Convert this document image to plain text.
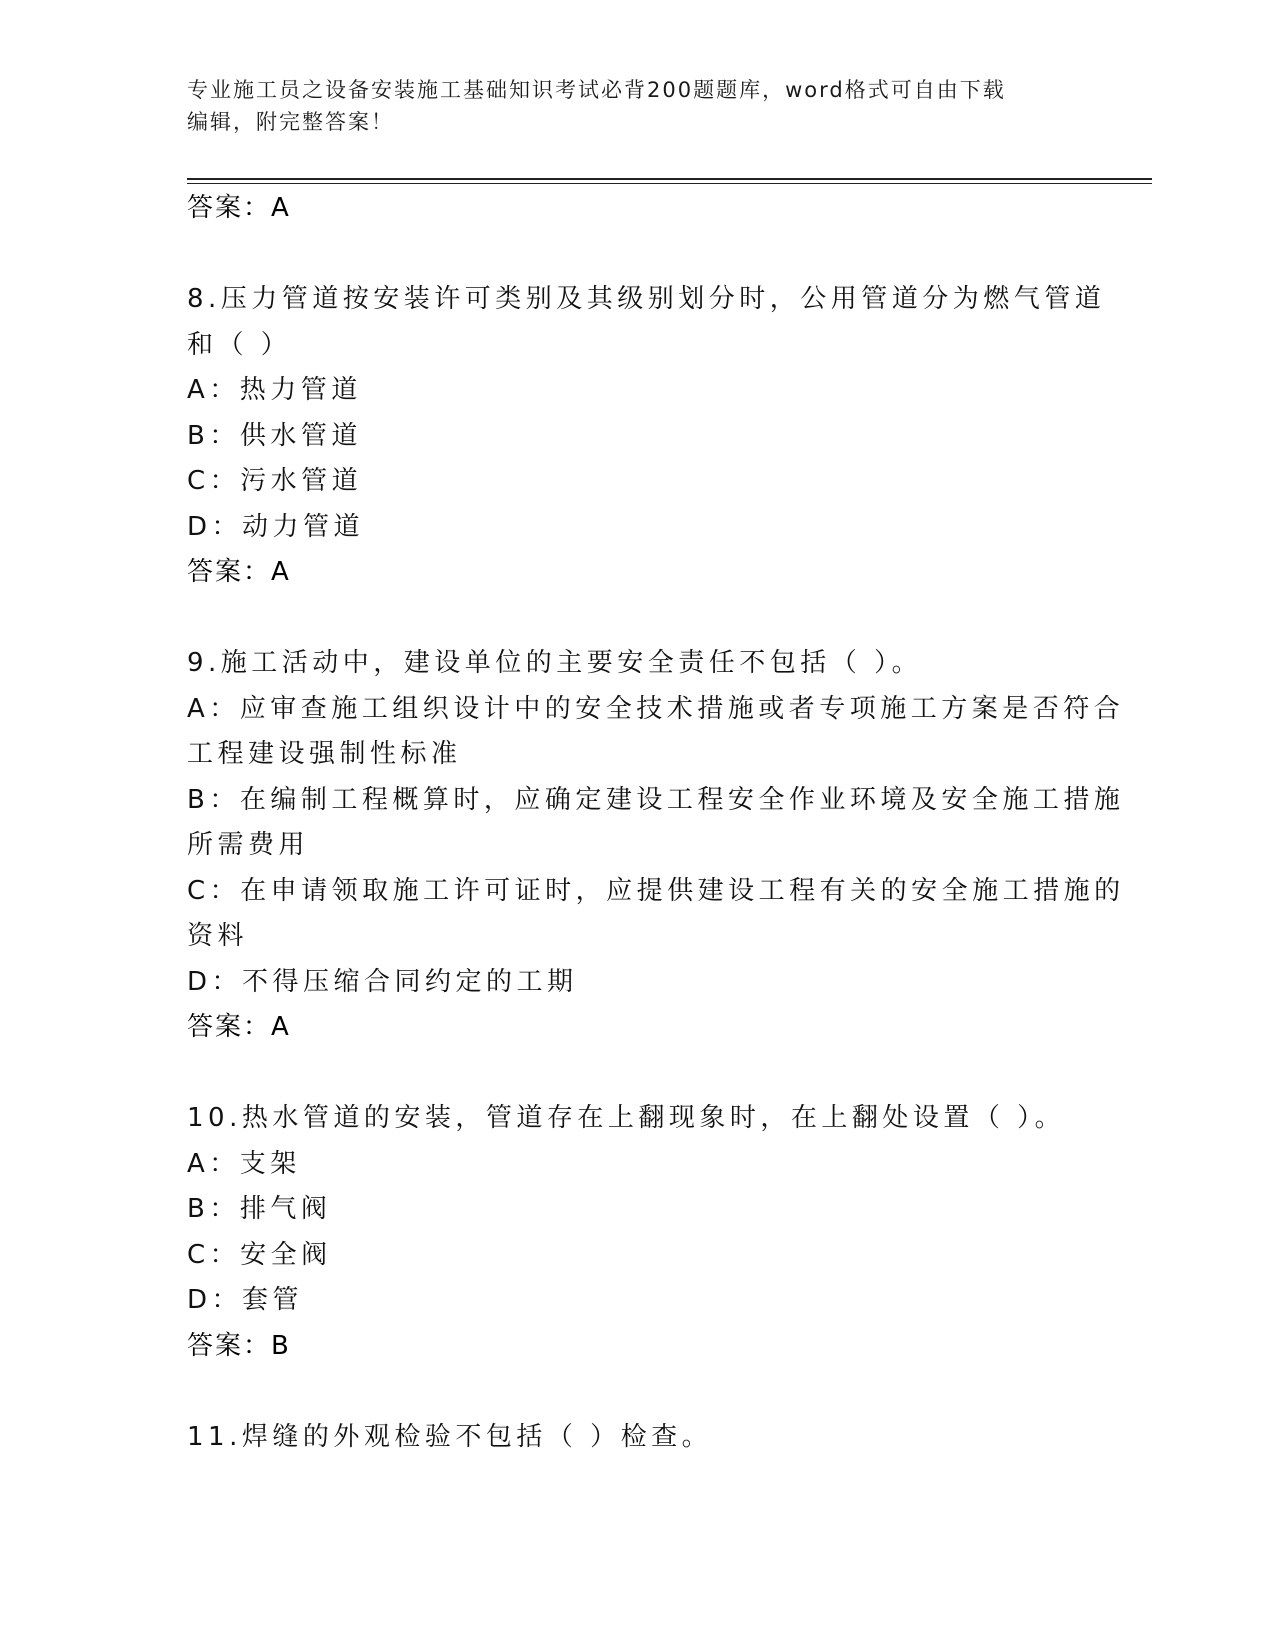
专业施工员之设备安装施工基础知识考试必背200题题库，word格式可自由下载
编辑，附完整答案！
答案：A
8.压力管道按安装许可类别及其级别划分时，公用管道分为燃气管道
和（ ）
A：热力管道
B：供水管道
C：污水管道
D：动力管道
答案：A
9.施工活动中，建设单位的主要安全责任不包括（ ）。
A：应审查施工组织设计中的安全技术措施或者专项施工方案是否符合
工程建设强制性标准
B：在编制工程概算时，应确定建设工程安全作业环境及安全施工措施
所需费用
C：在申请领取施工许可证时，应提供建设工程有关的安全施工措施的
资料
D：不得压缩合同约定的工期
答案：A
10.热水管道的安装，管道存在上翻现象时，在上翻处设置（ ）。
A：支架
B：排气阀
C：安全阀
D：套管
答案：B
11.焊缝的外观检验不包括（ ）检查。
